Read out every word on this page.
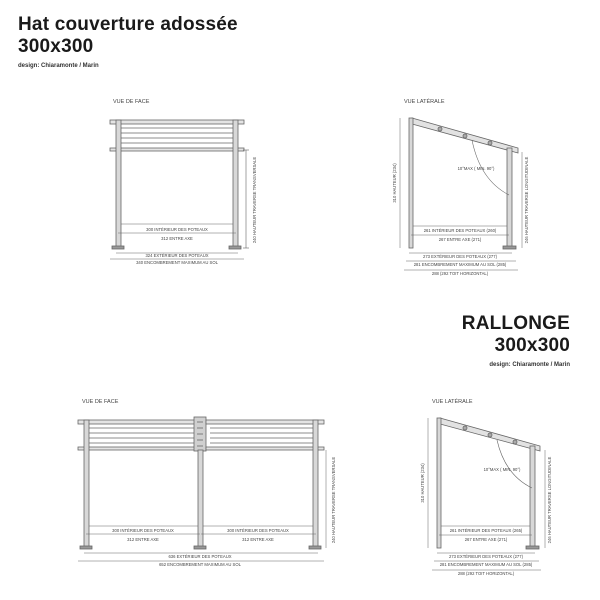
Hat couverture adossée
300x300
design: Chiaramonte / Marin
RALLONGE
300x300
design: Chiaramonte / Marin
VUE DE FACE
300 INTÉRIEUR DES POTEAUX
312 ENTRE AXE
324 EXTÉRIEUR DES POTEAUX
340 ENCOMBREMENT MAXIMUM AU SOL
240 HAUTEUR TRAVERSE TRANSVERSALE
VUE LATÉRALE
10°MAX ( MIN. 90°)
310 HAUTEUR (234)	246 HAUTEUR TRAVERSE LONGITUDINALE
261 INTÉRIEUR DES POTEAUX (260)
267 ENTRE AXE (271)
273 EXTÉRIEUR DES POTEAUX (277)
281 ENCOMBREMENT MAXIMUM AU SOL (285)
288 (292 TOIT HORIZONTAL)
VUE DE FACE
300 INTÉRIEUR DES POTEAUX
312 ENTRE AXE
300 INTÉRIEUR DES POTEAUX
312 ENTRE AXE
636 EXTÉRIEUR DES POTEAUX
652 ENCOMBREMENT MAXIMUM AU SOL
240 HAUTEUR TRAVERSE TRANSVERSALE
VUE LATÉRALE
10°MAX ( MIN. 90°)
310 HAUTEUR (234)	246 HAUTEUR TRAVERSE LONGITUDINALE
261 INTÉRIEUR DES POTEAUX (265)
267 ENTRE AXE (271)
273 EXTÉRIEUR DES POTEAUX (277)
281 ENCOMBREMENT MAXIMUM AU SOL (285)
288 (292 TOIT HORIZONTAL)
